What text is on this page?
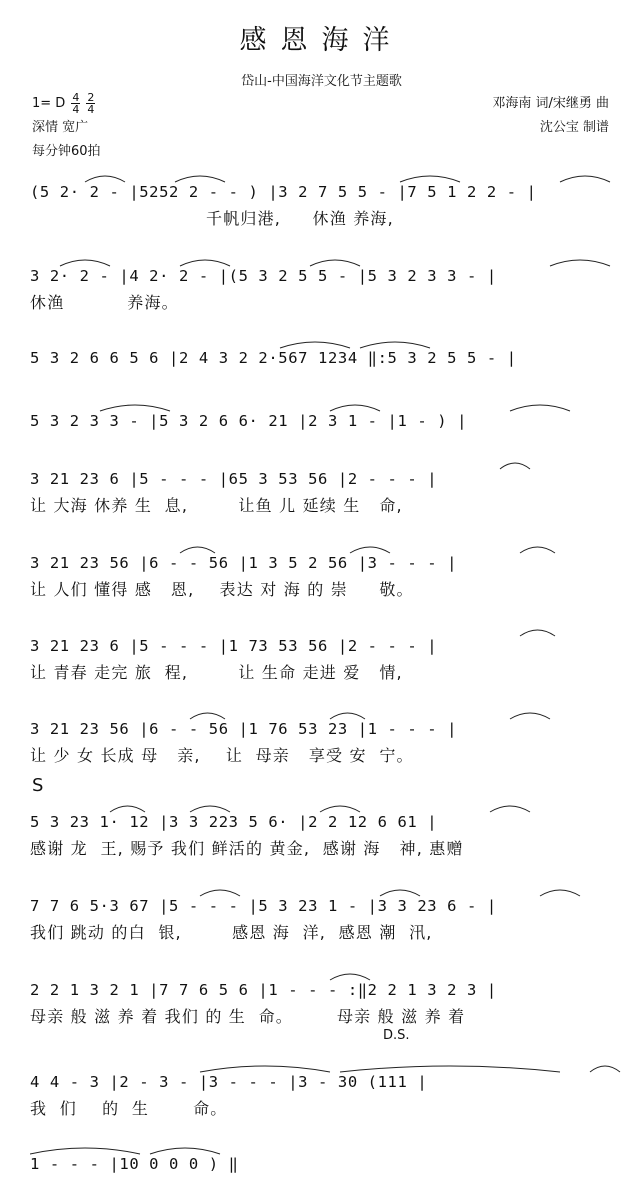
感恩海洋
岱山-中国海洋文化节主题歌
1= D $\frac{4}{4} \frac{2}{4}$
深情 宽广
每分钟60拍
邓海南 词/宋继勇 曲
沈公宝 制谱
S
D.S.
(5 2· 2 - |5252 2 - - ) |3 2 7 5 5 - |7 5 1 2 2 - |
千帆归港,     休渔 养海,
3 2· 2 - |4 2· 2 - |(5 3 2 5 5 - |5 3 2 3 3 - |
休渔          养海。
5 3 2 6 6 5 6 |2 4 3 2 2·567 1234 ‖:5 3 2 5 5 - |
5 3 2 3 3 - |5 3 2 6 6· 21 |2 3 1 - |1 - ) |
3 21 23 6 |5 - - - |65 3 53 56 |2 - - - |
让 大海 休养 生  息,        让鱼 儿 延续 生   命,
3 21 23 56 |6 - - 56 |1 3 5 2 56 |3 - - - |
让 人们 懂得 感   恩,    表达 对 海 的 崇     敬。
3 21 23 6 |5 - - - |1 73 53 56 |2 - - - |
让 青春 走完 旅  程,        让 生命 走进 爱   情,
3 21 23 56 |6 - - 56 |1 76 53 23 |1 - - - |
让 少 女 长成 母   亲,    让  母亲   享受 安  宁。
5 3 23 1· 12 |3 3 223 5 6· |2 2 12 6 61 |
感谢 龙  王, 赐予 我们 鲜活的 黄金,  感谢 海   神, 惠赠
7 7 6 5·3 67 |5 - - - |5 3 23 1 - |3 3 23 6 - |
我们 跳动 的白  银,        感恩 海  洋,  感恩 潮  汛,
2 2 1 3 2 1 |7 7 6 5 6 |1 - - - :‖2 2 1 3 2 3 |
母亲 般 滋 养 着 我们 的 生  命。       母亲 般 滋 养 着
4 4 - 3 |2 - 3 - |3 - - - |3 - 30 (111 |
我  们    的  生       命。
1 - - - |10 0 0 0 ) ‖
